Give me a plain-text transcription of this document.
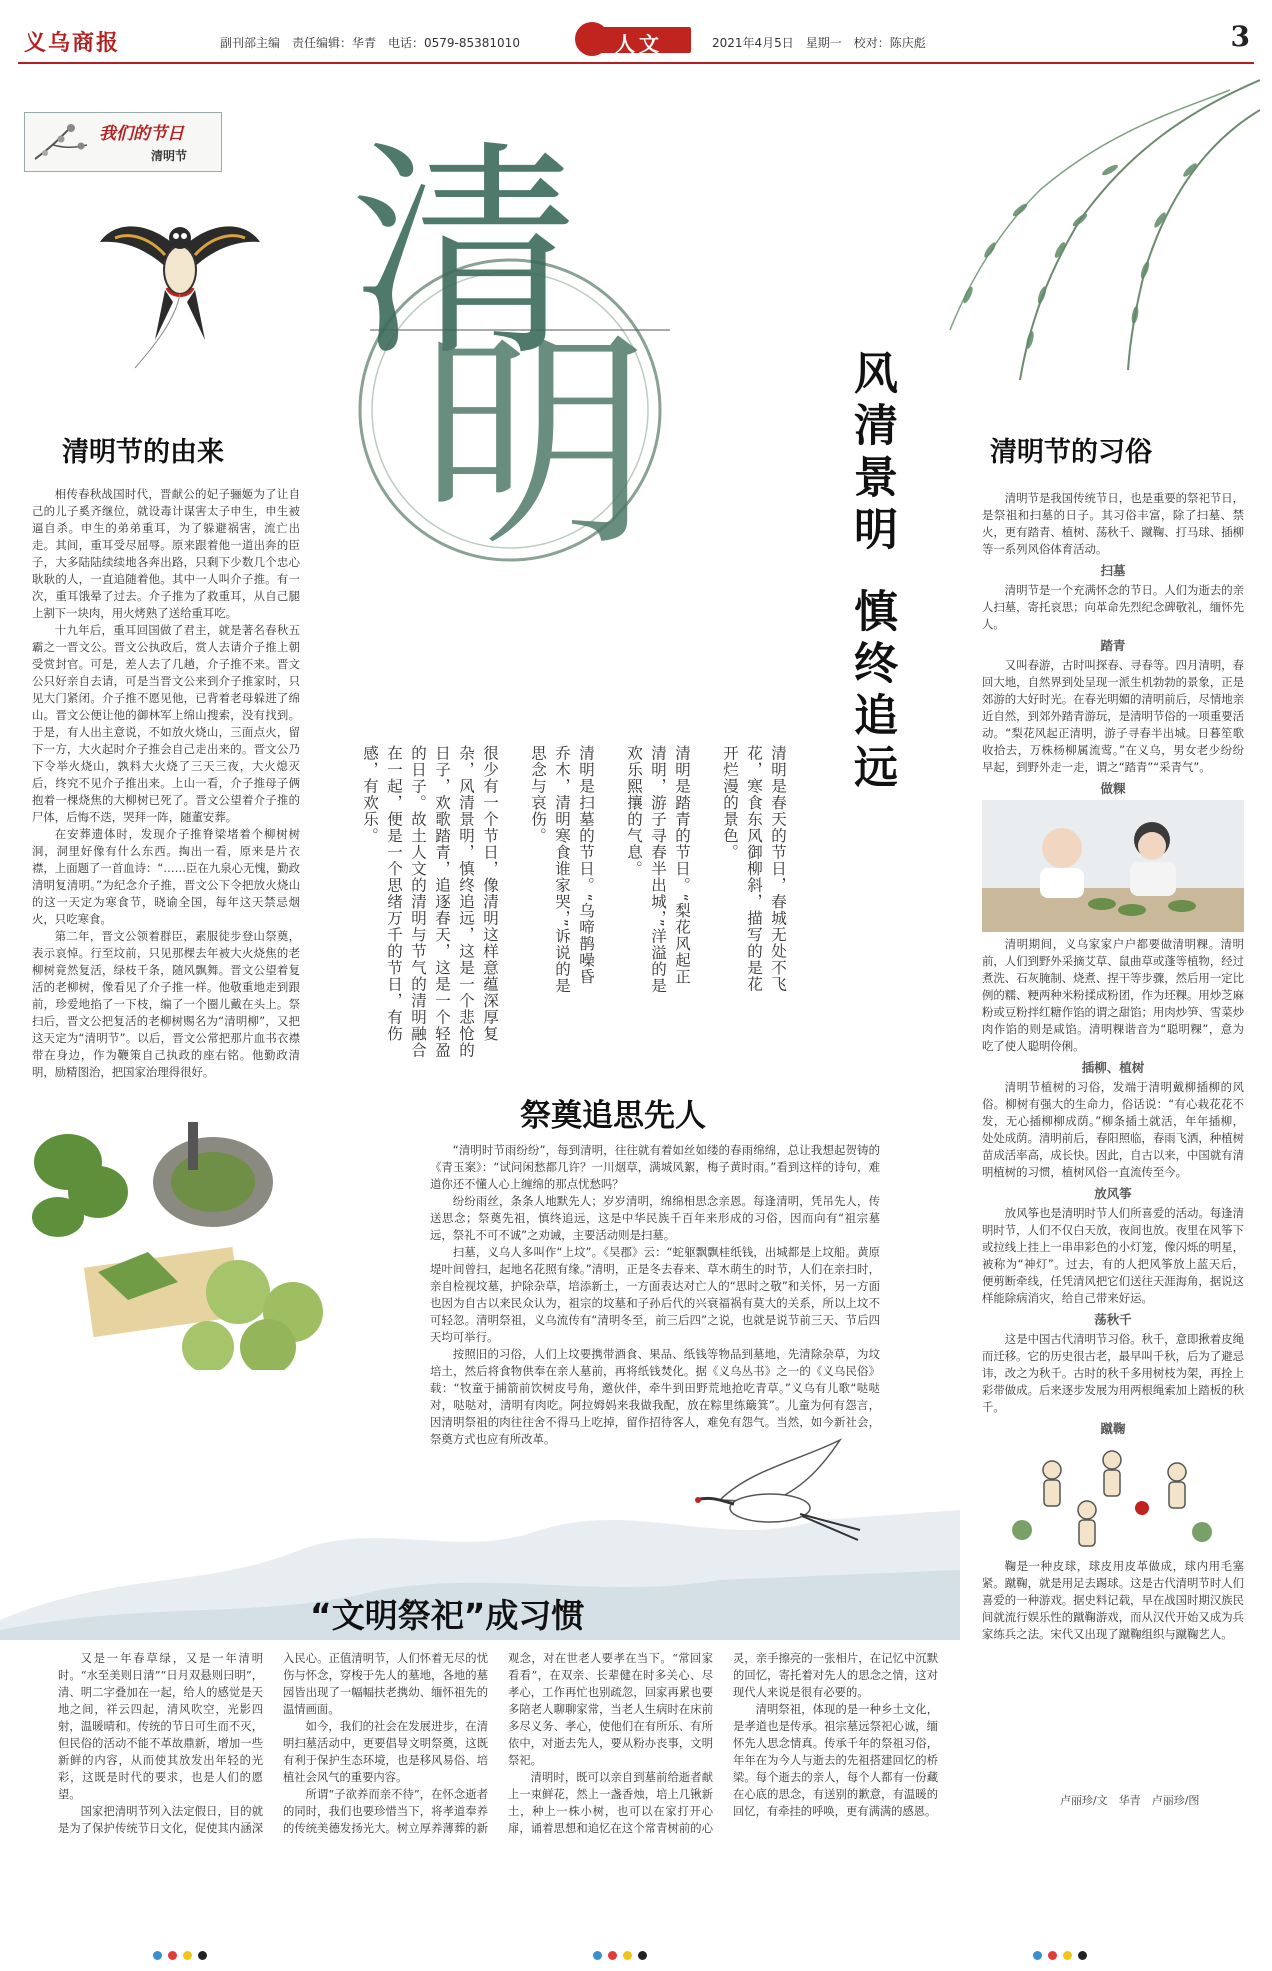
义乌商报	副刊部主编　责任编辑：华青　电话：0579-85381010	人文	2021年4月5日　星期一　校对：陈庆彪	3
我们的节日
清明节 清
明	风清景明
慎终追远
清明节的由来

相传春秋战国时代，晋献公的妃子骊姬为了让自己的儿子奚齐继位，就设毒计谋害太子申生，申生被逼自杀。申生的弟弟重耳，为了躲避祸害，流亡出走。其间，重耳受尽屈辱。原来跟着他一道出奔的臣子，大多陆陆续续地各奔出路，只剩下少数几个忠心耿耿的人，一直追随着他。其中一人叫介子推。有一次，重耳饿晕了过去。介子推为了救重耳，从自己腿上割下一块肉，用火烤熟了送给重耳吃。

十九年后，重耳回国做了君主，就是著名春秋五霸之一晋文公。晋文公执政后，赏人去请介子推上朝受赏封官。可是，差人去了几趟，介子推不来。晋文公只好亲自去请，可是当晋文公来到介子推家时，只见大门紧闭。介子推不愿见他，已背着老母躲进了绵山。晋文公便让他的御林军上绵山搜索，没有找到。于是，有人出主意说，不如放火烧山，三面点火，留下一方，大火起时介子推会自己走出来的。晋文公乃下令举火烧山，孰料大火烧了三天三夜，大火熄灭后，终究不见介子推出来。上山一看，介子推母子俩抱着一棵烧焦的大柳树已死了。晋文公望着介子推的尸体，后悔不迭，哭拜一阵，随董安葬。

在安葬遗体时，发现介子推脊梁堵着个柳树树洞，洞里好像有什么东西。掏出一看，原来是片衣襟，上面题了一首血诗：“……臣在九泉心无愧，勤政清明复清明。”为纪念介子推，晋文公下令把放火烧山的这一天定为寒食节，晓谕全国，每年这天禁忌烟火，只吃寒食。

第二年，晋文公领着群臣，素服徒步登山祭奠，表示哀悼。行至坟前，只见那棵去年被大火烧焦的老柳树竟然复活，绿枝千条，随风飘舞。晋文公望着复活的老柳树，像看见了介子推一样。他敬重地走到跟前，珍爱地掐了一下枝，编了一个圈儿戴在头上。祭扫后，晋文公把复活的老柳树赐名为“清明柳”，又把这天定为“清明节”。以后，晋文公常把那片血书衣襟带在身边，作为鞭策自己执政的座右铭。他勤政清明，励精图治，把国家治理得很好。

清明是春天的节日，春城无处不飞花，寒食东风御柳斜，描写的是花开烂漫的景色。
清明是踏青的节日。“梨花风起正清明，游子寻春半出城，”洋溢的是欢乐熙攘的气息。
清明是扫墓的节日。“乌啼鹊噪昏乔木，清明寒食谁家哭，”诉说的是思念与哀伤。
很少有一个节日，像清明这样意蕴深厚复杂，风清景明，慎终追远，这是一个悲怆的日子，欢歌踏青，追逐春天，这是一个轻盈的日子。故土人文的清明与节气的清明融合在一起，便是一个思绪万千的节日，有伤感，有欢乐。
清明节的习俗

清明节是我国传统节日，也是重要的祭祀节日，是祭祖和扫墓的日子。其习俗丰富，除了扫墓、禁火，更有踏青、植树、荡秋千、蹴鞠、打马球、插柳等一系列风俗体育活动。

扫墓

清明节是一个充满怀念的节日。人们为逝去的亲人扫墓，寄托哀思；向革命先烈纪念碑敬礼，缅怀先人。

踏青

又叫春游，古时叫探春、寻春等。四月清明，春回大地，自然界到处呈现一派生机勃勃的景象，正是郊游的大好时光。在春光明媚的清明前后，尽情地亲近自然，到郊外踏青游玩，是清明节俗的一项重要活动。“梨花风起正清明，游子寻春半出城。日暮笙歌收拾去，万株杨柳属流莺。”在义乌，男女老少纷纷早起，到野外走一走，谓之“踏青”“采青气”。

做粿

清明期间，义乌家家户户都要做清明粿。清明前，人们到野外采摘艾草、鼠曲草或蓬等植物，经过煮洗、石灰腌制、烧煮、捏干等步骤，然后用一定比例的糯、粳两种米粉揉成粉团，作为坯粿。用炒芝麻粉或豆粉拌红糖作馅的谓之甜馅；用肉炒笋、雪菜炒肉作馅的则是咸馅。清明粿谐音为“聪明粿”，意为吃了使人聪明伶俐。

插柳、植树

清明节植树的习俗，发端于清明戴柳插柳的风俗。柳树有强大的生命力，俗话说：“有心栽花花不发，无心插柳柳成荫。”柳条插土就活，年年插柳，处处成荫。清明前后，春阳照临，春雨飞洒，种植树苗成活率高，成长快。因此，自古以来，中国就有清明植树的习惯，植树风俗一直流传至今。

放风筝

放风筝也是清明时节人们所喜爱的活动。每逢清明时节，人们不仅白天放，夜间也放。夜里在风筝下或拉线上挂上一串串彩色的小灯笼，像闪烁的明星，被称为“神灯”。过去，有的人把风筝放上蓝天后，便剪断牵线，任凭清风把它们送往天涯海角，据说这样能除病消灾，给自己带来好运。

荡秋千

这是中国古代清明节习俗。秋千，意即揪着皮绳而迁移。它的历史很古老，最早叫千秋，后为了避忌讳，改之为秋千。古时的秋千多用树枝为架，再拴上彩带做成。后来逐步发展为用两根绳索加上踏板的秋千。

蹴鞠

鞠是一种皮球，球皮用皮革做成，球内用毛塞紧。蹴鞠，就是用足去踢球。这是古代清明节时人们喜爱的一种游戏。据史料记载，早在战国时期汉族民间就流行娱乐性的蹴鞠游戏，而从汉代开始又成为兵家练兵之法。宋代又出现了蹴鞠组织与蹴鞠艺人。

卢丽珍/文　华青　卢丽珍/图
祭奠追思先人

“清明时节雨纷纷”，每到清明，往往就有着如丝如缕的春雨绵绵，总让我想起贺铸的《青玉案》：“试问闲愁都几许？一川烟草，满城风絮，梅子黄时雨。”看到这样的诗句，难道你还不懂人心上缠绵的那点忧愁吗？

纷纷雨丝，条条人地默先人；岁岁清明，绵绵相思念亲恩。每逢清明，凭吊先人，传送思念；祭奠先祖，慎终追远，这是中华民族千百年来形成的习俗，因而向有“祖宗墓远，祭礼不可不诚”之劝诫，主要活动则是扫墓。

扫墓，义乌人多叫作“上坟”。《吴郡》云：“蛇躯飘飘桂纸钱，出城都是上坟船。黄原堤叶间曾扫，起地名花照有缘。”清明，正是冬去春来、草木萌生的时节，人们在亲扫时，亲自检视坟墓，护除杂草，培添新土，一方面表达对亡人的“思时之敬”和关怀，另一方面也因为自古以来民众认为，祖宗的坟墓和子孙后代的兴衰福祸有莫大的关系，所以上坟不可轻忽。清明祭祖，义乌流传有“清明冬至，前三后四”之说，也就是说节前三天、节后四天均可举行。

按照旧的习俗，人们上坟要携带酒食、果品、纸钱等物品到墓地，先清除杂草，为坟培土，然后将食物供奉在亲人墓前，再将纸钱焚化。据《义乌丛书》之一的《义乌民俗》载：“牧童于捕箭前饮树皮号角，邀伙伴，牵牛到田野荒地抢吃青草。”义乌有儿歌“哒哒对，哒哒对，清明有肉吃。阿拉姆妈来我做我配，放在粽里练簸箕”。儿童为何有怨言，因清明祭祖的肉往往舍不得马上吃掉，留作招待客人，难免有怨气。当然，如今新社会，祭奠方式也应有所改革。

“文明祭祀”成习惯

又是一年春草绿，又是一年清明时。“水至美则日清”“日月双悬则曰明”，清、明二字叠加在一起，给人的感觉是天地之间，祥云四起，清风吹空，光影四射，温暖晴和。传统的节日可生而不灭，但民俗的活动不能不革故鼎新，增加一些新鲜的内容，从而使其放发出年轻的光彩，这既是时代的要求，也是人们的愿望。

国家把清明节列入法定假日，目的就是为了保护传统节日文化，促使其内涵深入民心。正值清明节，人们怀着无尽的忧伤与怀念，穿梭于先人的墓地，各地的墓园皆出现了一幅幅扶老携幼、缅怀祖先的温情画面。

如今，我们的社会在发展进步，在清明扫墓活动中，更要倡导文明祭奠，这既有利于保护生态环境，也是移风易俗、培植社会风气的重要内容。

所谓“子欲养而亲不待”，在怀念逝者的同时，我们也要珍惜当下，将孝道奉养的传统美德发扬光大。树立厚养薄葬的新观念，对在世老人要孝在当下。“常回家看看”，在双亲、长辈健在时多关心、尽孝心，工作再忙也别疏忽，回家再累也要多陪老人聊聊家常，当老人生病时在床前多尽义务、孝心，使他们在有所乐、有所依中，对逝去先人，要从粉办丧事，文明祭祀。

清明时，既可以亲自到墓前给逝者献上一束鲜花，然上一盏香烛，培上几锹新土，种上一株小树，也可以在家打开心扉，诵着思想和追忆在这个常青树前的心灵，亲手擦亮的一张相片，在记忆中沉默的回忆，寄托着对先人的思念之情，这对现代人来说是很有必要的。

清明祭祖，体现的是一种乡土文化，是孝道也是传承。祖宗墓远祭祀心诚，缅怀先人思念情真。传承千年的祭祖习俗，年年在为今人与逝去的先祖搭建回忆的桥梁。每个逝去的亲人，每个人都有一份藏在心底的思念，有送别的歉意，有温暖的回忆，有牵挂的呼唤，更有满满的感恩。
